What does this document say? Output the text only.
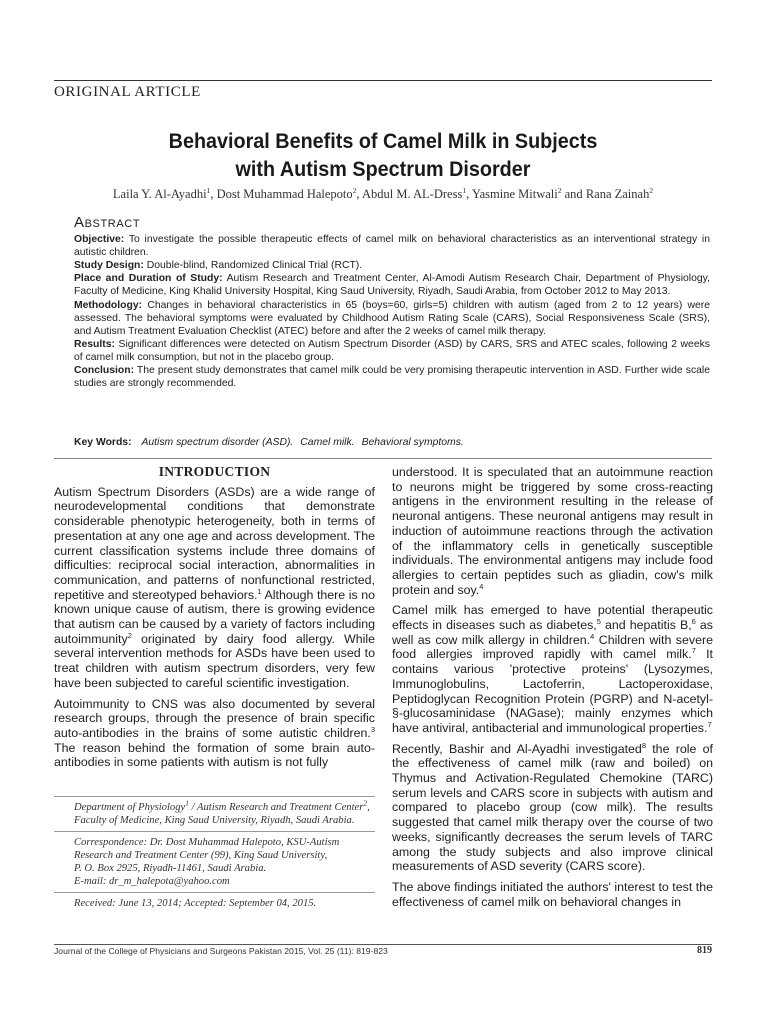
ORIGINAL ARTICLE
Behavioral Benefits of Camel Milk in Subjects
with Autism Spectrum Disorder
Laila Y. Al-Ayadhi$^1$, Dost Muhammad Halepoto$^2$, Abdul M. AL-Dress$^1$, Yasmine Mitwali$^2$ and Rana Zainah$^2$
Abstract

Objective: To investigate the possible therapeutic effects of camel milk on behavioral characteristics as an interventional strategy in autistic children.

Study Design: Double-blind, Randomized Clinical Trial (RCT).

Place and Duration of Study: Autism Research and Treatment Center, Al-Amodi Autism Research Chair, Department of Physiology, Faculty of Medicine, King Khalid University Hospital, King Saud University, Riyadh, Saudi Arabia, from October 2012 to May 2013.

Methodology: Changes in behavioral characteristics in 65 (boys=60, girls=5) children with autism (aged from 2 to 12 years) were assessed. The behavioral symptoms were evaluated by Childhood Autism Rating Scale (CARS), Social Responsiveness Scale (SRS), and Autism Treatment Evaluation Checklist (ATEC) before and after the 2 weeks of camel milk therapy.

Results: Significant differences were detected on Autism Spectrum Disorder (ASD) by CARS, SRS and ATEC scales, following 2 weeks of camel milk consumption, but not in the placebo group.

Conclusion: The present study demonstrates that camel milk could be very promising therapeutic intervention in ASD. Further wide scale studies are strongly recommended.

Key Words: Autism spectrum disorder (ASD). Camel milk. Behavioral symptoms.
INTRODUCTION

Autism Spectrum Disorders (ASDs) are a wide range of neurodevelopmental conditions that demonstrate considerable phenotypic heterogeneity, both in terms of presentation at any one age and across development. The current classification systems include three domains of difficulties: reciprocal social interaction, abnormalities in communication, and patterns of nonfunctional restricted, repetitive and stereotyped behaviors.$^1$ Although there is no known unique cause of autism, there is growing evidence that autism can be caused by a variety of factors including autoimmunity$^2$ originated by dairy food allergy. While several intervention methods for ASDs have been used to treat children with autism spectrum disorders, very few have been subjected to careful scientific investigation.

Autoimmunity to CNS was also documented by several research groups, through the presence of brain specific auto-antibodies in the brains of some autistic children.$^3$ The reason behind the formation of some brain auto-antibodies in some patients with autism is not fully

Department of Physiology$^1$ / Autism Research and Treatment Center$^2$, Faculty of Medicine, King Saud University, Riyadh, Saudi Arabia.
Correspondence: Dr. Dost Muhammad Halepoto, KSU-Autism
Research and Treatment Center (99), King Saud University,
P. O. Box 2925, Riyadh-11461, Saudi Arabia.
E-mail: dr_m_halepota@yahoo.com
Received: June 13, 2014; Accepted: September 04, 2015.

understood. It is speculated that an autoimmune reaction to neurons might be triggered by some cross-reacting antigens in the environment resulting in the release of neuronal antigens. These neuronal antigens may result in induction of autoimmune reactions through the activation of the inflammatory cells in genetically susceptible individuals. The environmental antigens may include food allergies to certain peptides such as gliadin, cow's milk protein and soy.$^4$

Camel milk has emerged to have potential therapeutic effects in diseases such as diabetes,$^5$ and hepatitis B,$^6$ as well as cow milk allergy in children.$^4$ Children with severe food allergies improved rapidly with camel milk.$^7$ It contains various 'protective proteins' (Lysozymes, Immunoglobulins, Lactoferrin, Lactoperoxidase, Peptidoglycan Recognition Protein (PGRP) and N-acetyl-§-glucosaminidase (NAGase); mainly enzymes which have antiviral, antibacterial and immunological properties.$^7$

Recently, Bashir and Al-Ayadhi investigated$^8$ the role of the effectiveness of camel milk (raw and boiled) on Thymus and Activation-Regulated Chemokine (TARC) serum levels and CARS score in subjects with autism and compared to placebo group (cow milk). The results suggested that camel milk therapy over the course of two weeks, significantly decreases the serum levels of TARC among the study subjects and also improve clinical measurements of ASD severity (CARS score).

The above findings initiated the authors' interest to test the effectiveness of camel milk on behavioral changes in

Journal of the College of Physicians and Surgeons Pakistan 2015, Vol. 25 (11): 819-823	819
